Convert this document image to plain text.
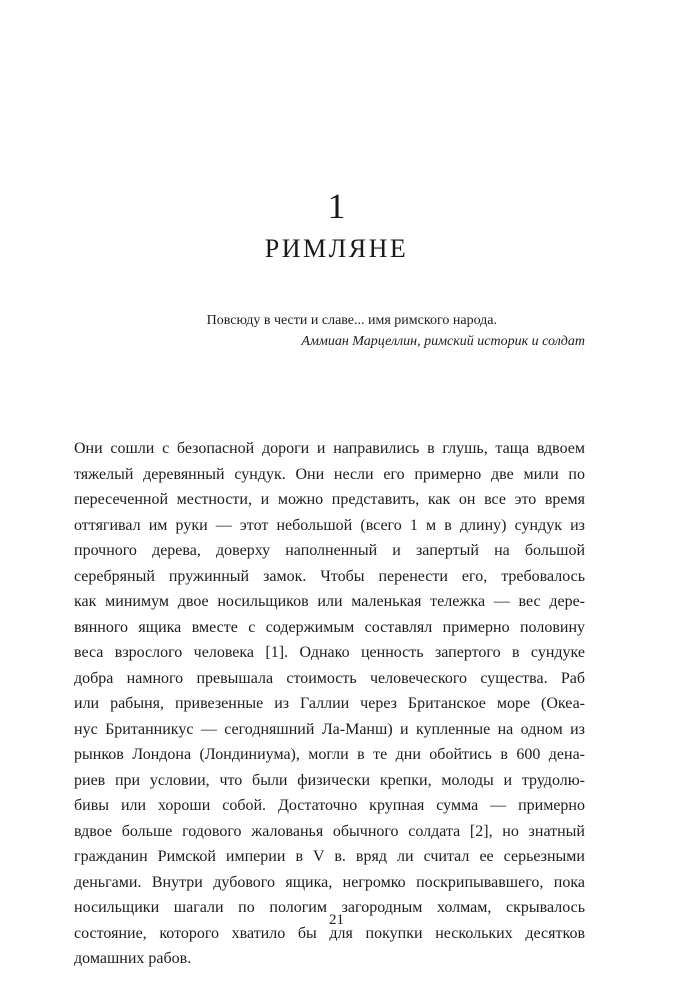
1
РИМЛЯНЕ
Повсюду в чести и славе... имя римского народа.
Аммиан Марцеллин, римский историк и солдат
Они сошли с безопасной дороги и направились в глушь, таща вдвоем
тяжелый деревянный сундук. Они несли его примерно две мили по
пересеченной местности, и можно представить, как он все это время
оттягивал им руки — этот небольшой (всего 1 м в длину) сундук из
прочного дерева, доверху наполненный и запертый на большой
серебряный пружинный замок. Чтобы перенести его, требовалось
как минимум двое носильщиков или маленькая тележка — вес дере-
вянного ящика вместе с содержимым составлял примерно половину
веса взрослого человека [1]. Однако ценность запертого в сундуке
добра намного превышала стоимость человеческого существа. Раб
или рабыня, привезенные из Галлии через Британское море (Океа-
нус Британникус — сегодняшний Ла-Манш) и купленные на одном из
рынков Лондона (Лондиниума), могли в те дни обойтись в 600 дена-
риев при условии, что были физически крепки, молоды и трудолю-
бивы или хороши собой. Достаточно крупная сумма — примерно
вдвое больше годового жалованья обычного солдата [2], но знатный
гражданин Римской империи в V в. вряд ли считал ее серьезными
деньгами. Внутри дубового ящика, негромко поскрипывавшего, пока
носильщики шагали по пологим загородным холмам, скрывалось
состояние, которого хватило бы для покупки нескольких десятков
домашних рабов.
21
